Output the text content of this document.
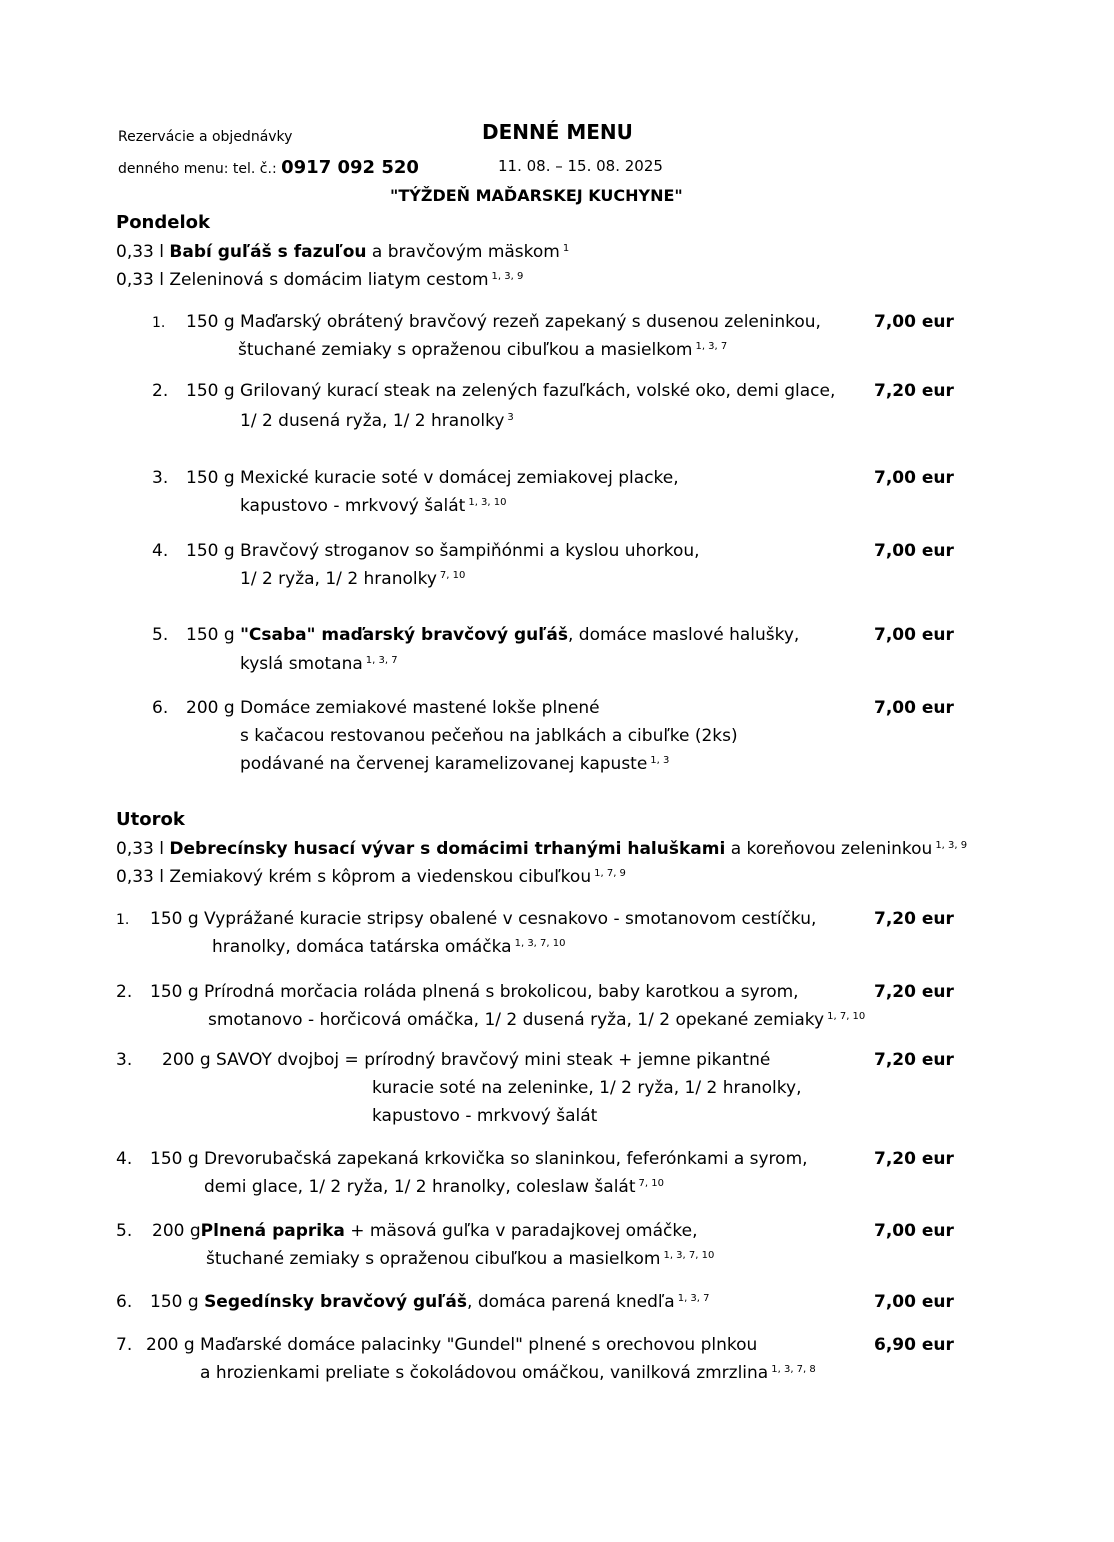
Rezervácie a objednávky
denného menu: tel. č.: 0917 092 520
DENNÉ MENU
11. 08. – 15. 08. 2025
"TÝŽDEŇ MAĎARSKEJ KUCHYNE"
Pondelok
0,33 l Babí guľáš s fazuľou a bravčovým mäskom $^1$
0,33 l Zeleninová s domácim liatym cestom $^{1, 3, 9}$
1. 150 g Maďarský obrátený bravčový rezeň zapekaný s dusenou zeleninkou,
štuchané zemiaky s opraženou cibuľkou a masielkom $^{1, 3, 7}$
7,00 eur
2. 150 g Grilovaný kurací steak na zelených fazuľkách, volské oko, demi glace,
1/ 2 dusená ryža, 1/ 2 hranolky $^3$
7,20 eur
3. 150 g Mexické kuracie soté v domácej zemiakovej placke,
kapustovo - mrkvový šalát $^{1, 3, 10}$
7,00 eur
4. 150 g Bravčový stroganov so šampiňónmi a kyslou uhorkou,
1/ 2 ryža, 1/ 2 hranolky $^{7, 10}$
7,00 eur
5. 150 g "Csaba" maďarský bravčový guľáš, domáce maslové halušky,
kyslá smotana $^{1, 3, 7}$
7,00 eur
6. 200 g Domáce zemiakové mastené lokše plnené
s kačacou restovanou pečeňou na jablkách a cibuľke (2ks)
podávané na červenej karamelizovanej kapuste $^{1, 3}$
7,00 eur
Utorok
0,33 l Debrecínsky husací vývar s domácimi trhanými haluškami a koreňovou zeleninkou $^{1, 3, 9}$
0,33 l Zemiakový krém s kôprom a viedenskou cibuľkou $^{1, 7, 9}$
1. 150 g Vyprážané kuracie stripsy obalené v cesnakovo - smotanovom cestíčku,
hranolky, domáca tatárska omáčka $^{1, 3, 7, 10}$
7,20 eur
2. 150 g Prírodná morčacia roláda plnená s brokolicou, baby karotkou a syrom,
smotanovo - horčicová omáčka, 1/ 2 dusená ryža, 1/ 2 opekané zemiaky $^{1, 7, 10}$
7,20 eur
3. 200 g SAVOY dvojboj = prírodný bravčový mini steak + jemne pikantné
kuracie soté na zeleninke, 1/ 2 ryža, 1/ 2 hranolky,
kapustovo - mrkvový šalát
7,20 eur
4. 150 g Drevorubačská zapekaná krkovička so slaninkou, feferónkami a syrom,
demi glace, 1/ 2 ryža, 1/ 2 hranolky, coleslaw šalát $^{7, 10}$
7,20 eur
5. 200 gPlnená paprika + mäsová guľka v paradajkovej omáčke,
štuchané zemiaky s opraženou cibuľkou a masielkom $^{1, 3, 7, 10}$
7,00 eur
6. 150 g Segedínsky bravčový guľáš, domáca parená knedľa $^{1, 3, 7}$	7,00 eur
7. 200 g Maďarské domáce palacinky "Gundel" plnené s orechovou plnkou
a hrozienkami preliate s čokoládovou omáčkou, vanilková zmrzlina $^{1, 3, 7, 8}$
6,90 eur
